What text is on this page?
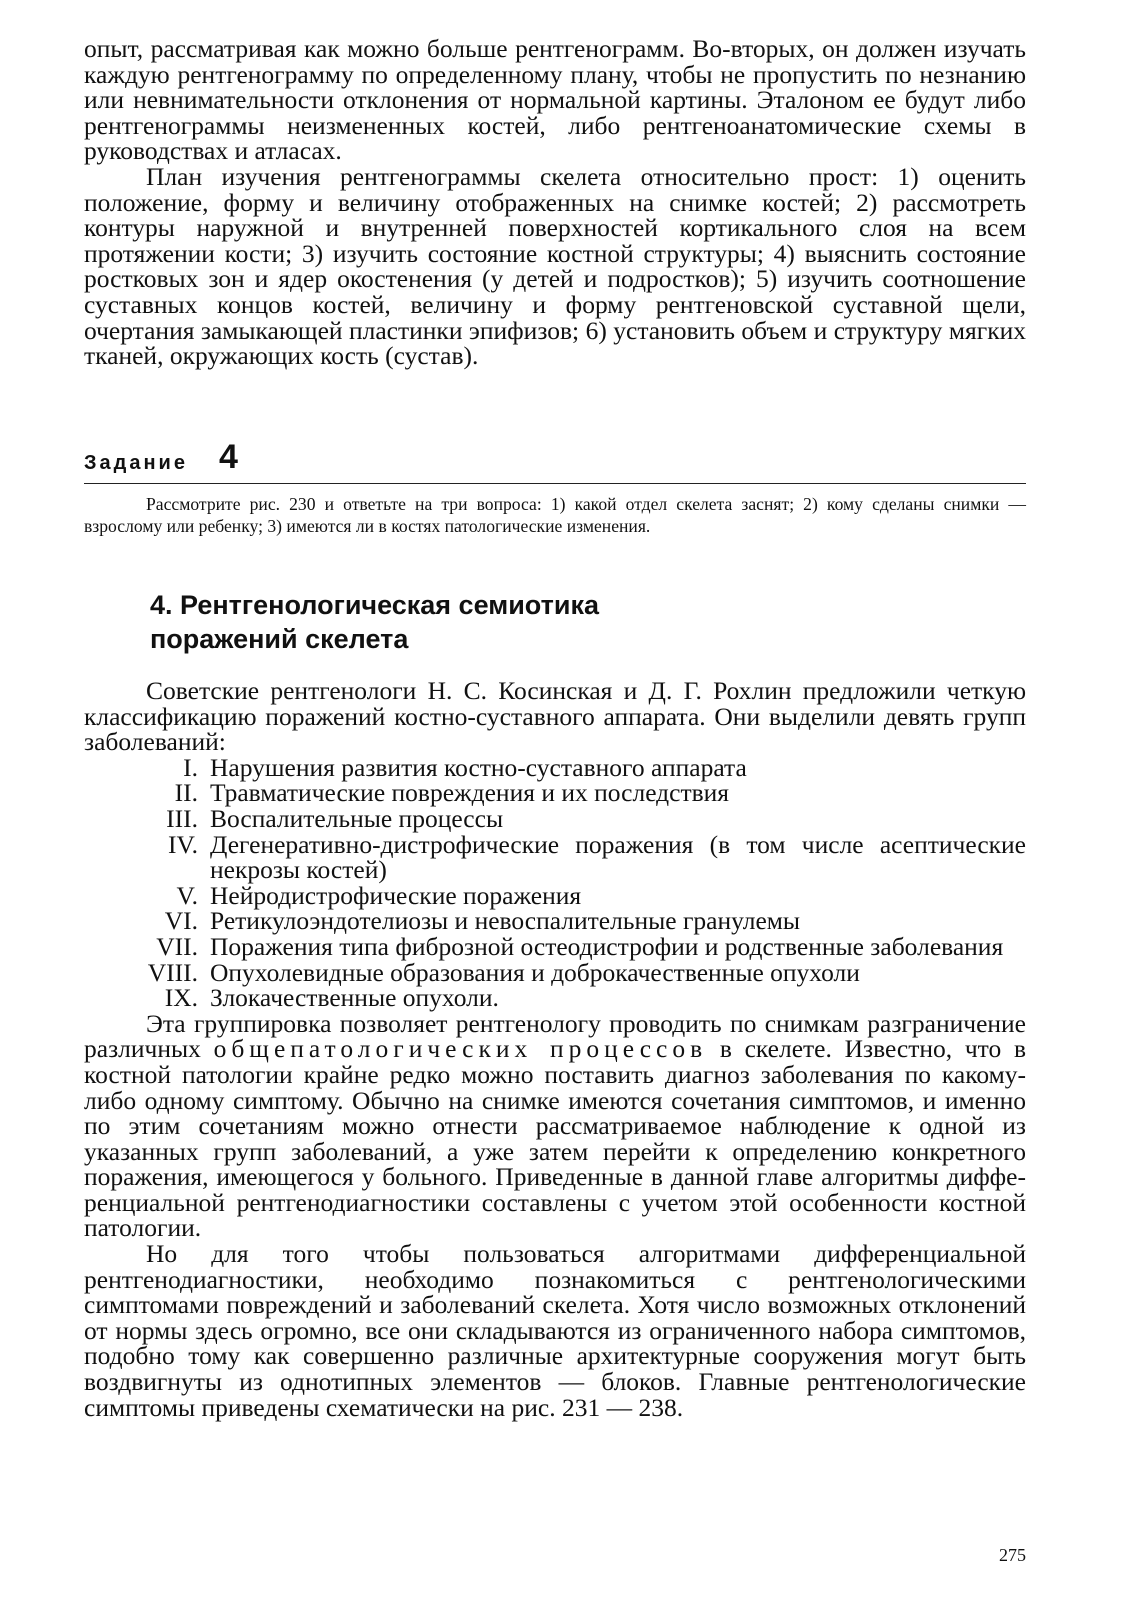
опыт, рассматривая как можно больше рентгенограмм. Во-вторых, он должен изучать каждую рентгенограмму по определенному плану, чтобы не пропустить по незнанию или невнимательности отклонения от нормальной картины. Эталоном ее будут либо рентгенограммы неизмененных костей, либо рентгеноанатомические схемы в руководствах и атласах.

План изучения рентгенограммы скелета относительно прост: 1) оценить положение, форму и величину отображенных на снимке костей; 2) рассмотреть контуры наружной и внутренней поверхностей кортикального слоя на всем протяжении кости; 3) изучить состояние костной структуры; 4) выяснить состояние ростковых зон и ядер окостенения (у детей и подростков); 5) изучить соотношение суставных концов костей, величину и форму рентгеновской суставной щели, очертания замыкающей пластинки эпифизов; 6) установить объем и структуру мягких тканей, окружающих кость (сустав).

Задание 4

Рассмотрите рис. 230 и ответьте на три вопроса: 1) какой отдел скелета заснят; 2) кому сделаны снимки — взрослому или ребенку; 3) имеются ли в костях патологические изменения.

4. Рентгенологическая семиотика
поражений скелета

Советские рентгенологи Н. С. Косинская и Д. Г. Рохлин предложили четкую классификацию поражений костно-суставного аппарата. Они выделили девять групп заболеваний:

I. Нарушения развития костно-суставного аппарата
II. Травматические повреждения и их последствия
III. Воспалительные процессы
IV. Дегенеративно-дистрофические поражения (в том числе асептические некрозы костей)
V. Нейродистрофические поражения
VI. Ретикулоэндотелиозы и невоспалительные гранулемы
VII. Поражения типа фиброзной остеодистрофии и родственные заболевания
VIII. Опухолевидные образования и доброкачественные опухоли
IX. Злокачественные опухоли.

Эта группировка позволяет рентгенологу проводить по снимкам разграничение различных общепатологических процессов в скелете. Известно, что в костной патологии крайне редко можно поставить диагноз заболевания по какому-либо одному симптому. Обычно на снимке имеются сочетания симптомов, и именно по этим сочетаниям можно отнести рассматриваемое наблюдение к одной из указанных групп заболеваний, а уже затем перейти к определению конкретного поражения, имеющегося у больного. Приведенные в данной главе алгоритмы дифференциальной рентгенодиагностики составлены с учетом этой особенности костной патологии.

Но для того чтобы пользоваться алгоритмами дифференциальной рентгенодиагностики, необходимо познакомиться с рентгенологическими симптомами повреждений и заболеваний скелета. Хотя число возможных отклонений от нормы здесь огромно, все они складываются из ограниченного набора симптомов, подобно тому как совершенно различные архитектурные сооружения могут быть воздвигнуты из однотипных элементов — блоков. Главные рентгенологические симптомы приведены схематически на рис. 231 — 238.

275
